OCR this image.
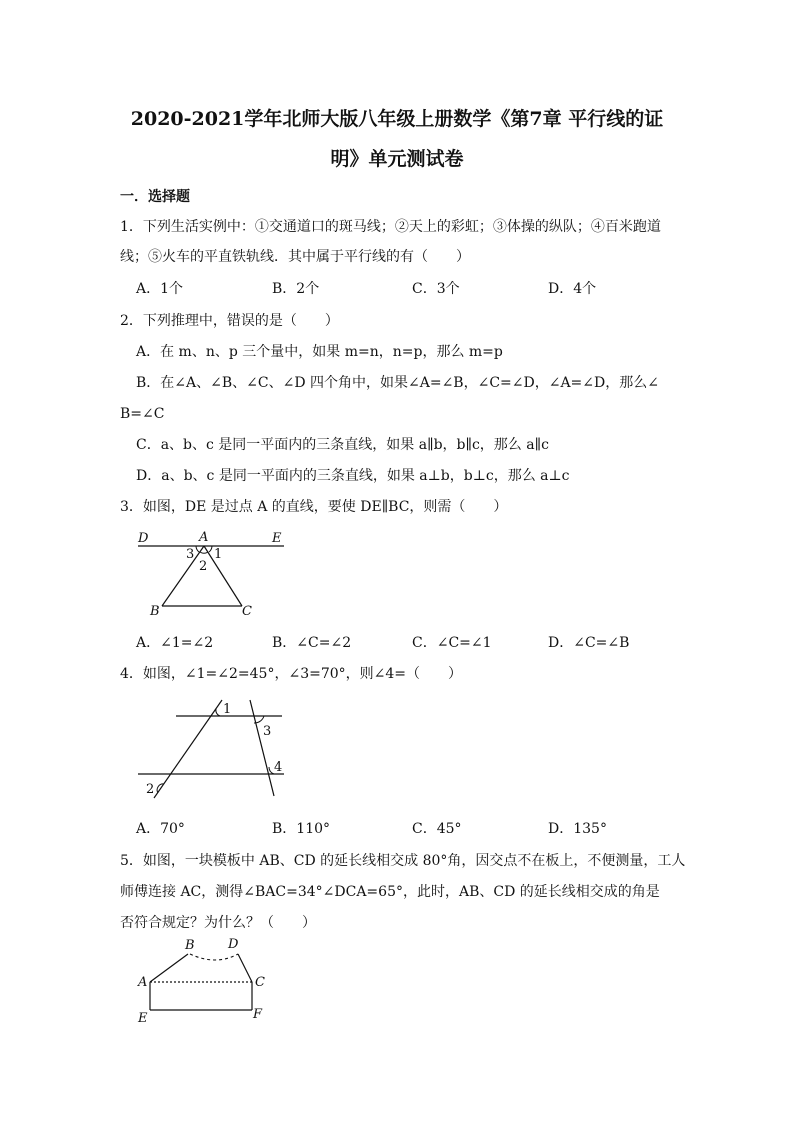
2020-2021学年北师大版八年级上册数学《第7章 平行线的证
明》单元测试卷
一．选择题
1．下列生活实例中：①交通道口的斑马线；②天上的彩虹；③体操的纵队；④百米跑道
线；⑤火车的平直铁轨线．其中属于平行线的有（　　）
A．1个	B．2个	C．3个	D．4个
2．下列推理中，错误的是（　　）
A．在 m、n、p 三个量中，如果 m=n，n=p，那么 m=p
B．在∠A、∠B、∠C、∠D 四个角中，如果∠A=∠B，∠C=∠D，∠A=∠D，那么∠
B=∠C
C．a、b、c 是同一平面内的三条直线，如果 a∥b，b∥c，那么 a∥c
D．a、b、c 是同一平面内的三条直线，如果 a⊥b，b⊥c，那么 a⊥c
3．如图，DE 是过点 A 的直线，要使 DE∥BC，则需（　　）
D	A	E
B	C
3 1
2
A．∠1=∠2	B．∠C=∠2	C．∠C=∠1	D．∠C=∠B
4．如图，∠1=∠2=45°，∠3=70°，则∠4=（　　）
1
3
4
2
A．70°	B．110°	C．45°	D．135°
5．如图，一块模板中 AB、CD 的延长线相交成 80°角，因交点不在板上，不便测量，工人
师傅连接 AC，测得∠BAC=34°∠DCA=65°，此时，AB、CD 的延长线相交成的角是
否符合规定？为什么？（　　）
A
B	D
C
E	F
